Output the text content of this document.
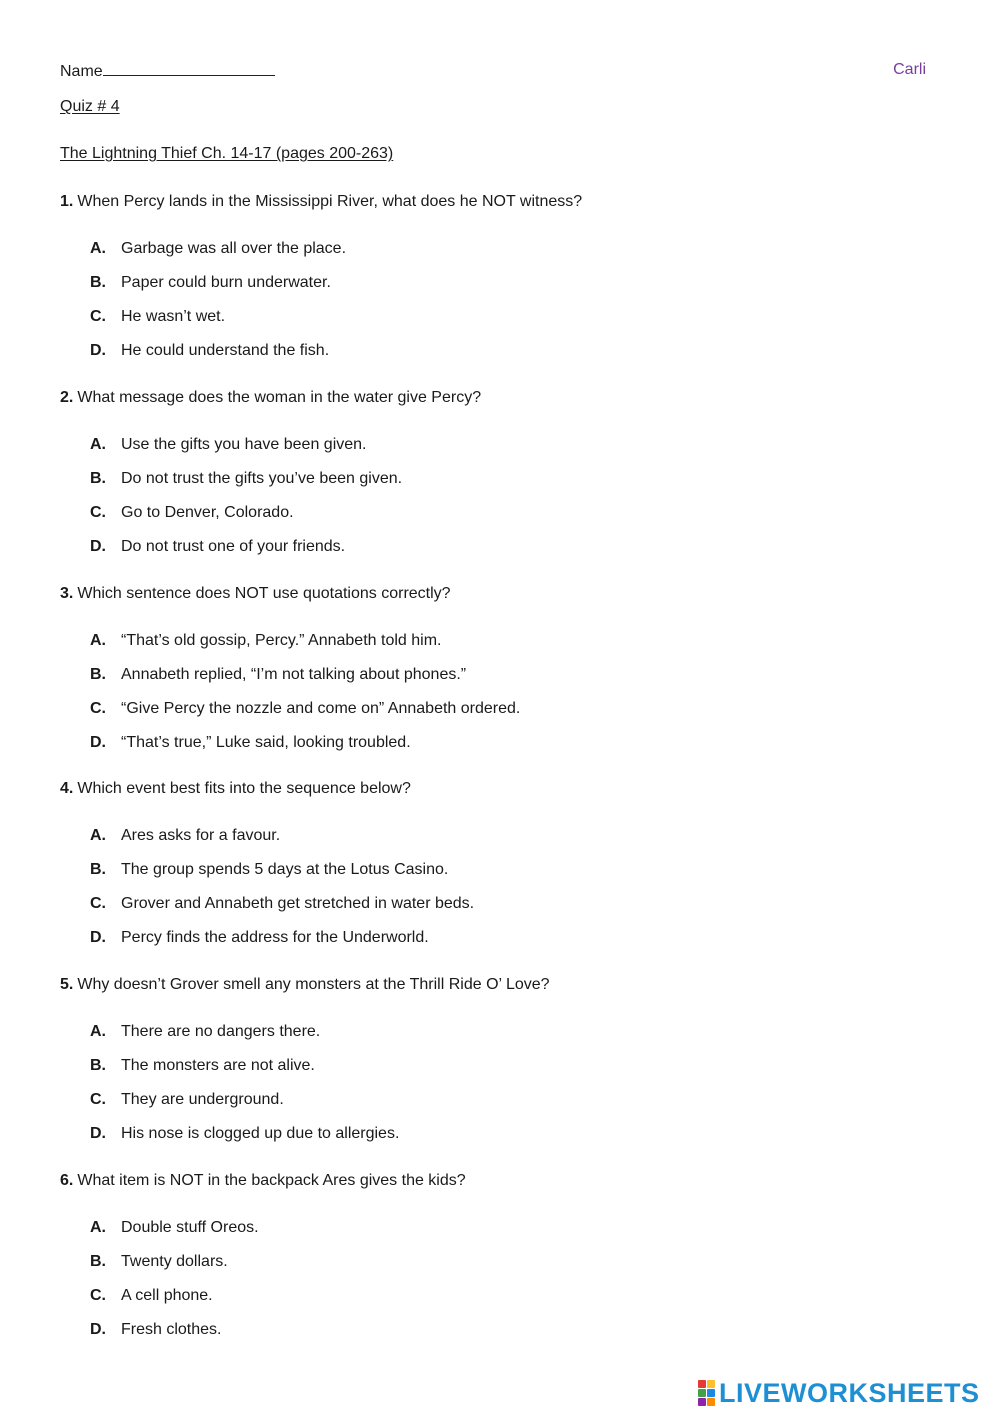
Name	Carli
Quiz # 4
The Lightning Thief Ch. 14-17 (pages 200-263)
1. When Percy lands in the Mississippi River, what does he NOT witness?
A. Garbage was all over the place.
B. Paper could burn underwater.
C. He wasn’t wet.
D. He could understand the fish.
2. What message does the woman in the water give Percy?
A. Use the gifts you have been given.
B. Do not trust the gifts you’ve been given.
C. Go to Denver, Colorado.
D. Do not trust one of your friends.
3. Which sentence does NOT use quotations correctly?
A. “That’s old gossip, Percy.” Annabeth told him.
B. Annabeth replied, “I’m not talking about phones.”
C. “Give Percy the nozzle and come on” Annabeth ordered.
D. “That’s true,” Luke said, looking troubled.
4. Which event best fits into the sequence below?
A. Ares asks for a favour.
B. The group spends 5 days at the Lotus Casino.
C. Grover and Annabeth get stretched in water beds.
D. Percy finds the address for the Underworld.
5. Why doesn’t Grover smell any monsters at the Thrill Ride O’ Love?
A. There are no dangers there.
B. The monsters are not alive.
C. They are underground.
D. His nose is clogged up due to allergies.
6. What item is NOT in the backpack Ares gives the kids?
A. Double stuff Oreos.
B. Twenty dollars.
C. A cell phone.
D. Fresh clothes.
LIVEWORKSHEETS
